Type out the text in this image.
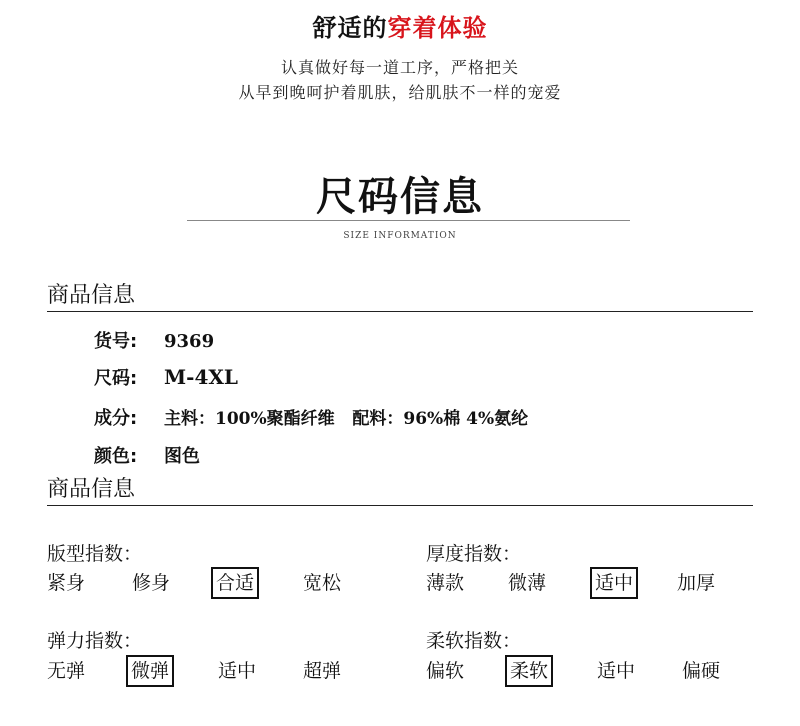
舒适的穿着体验
认真做好每一道工序，严格把关
从早到晚呵护着肌肤，给肌肤不一样的宠爱
尺码信息
SIZE INFORMATION
商品信息
货号:	9369
尺码:	M-4XL
成分:	主料：100%聚酯纤维   配料：96%棉 4%氨纶
颜色:	图色
商品信息
版型指数：
紧身 修身 合适	宽松
厚度指数：
薄款 微薄	适中 加厚
弹力指数：
无弹 微弹	适中 超弹
柔软指数：
偏软 柔软	适中 偏硬
